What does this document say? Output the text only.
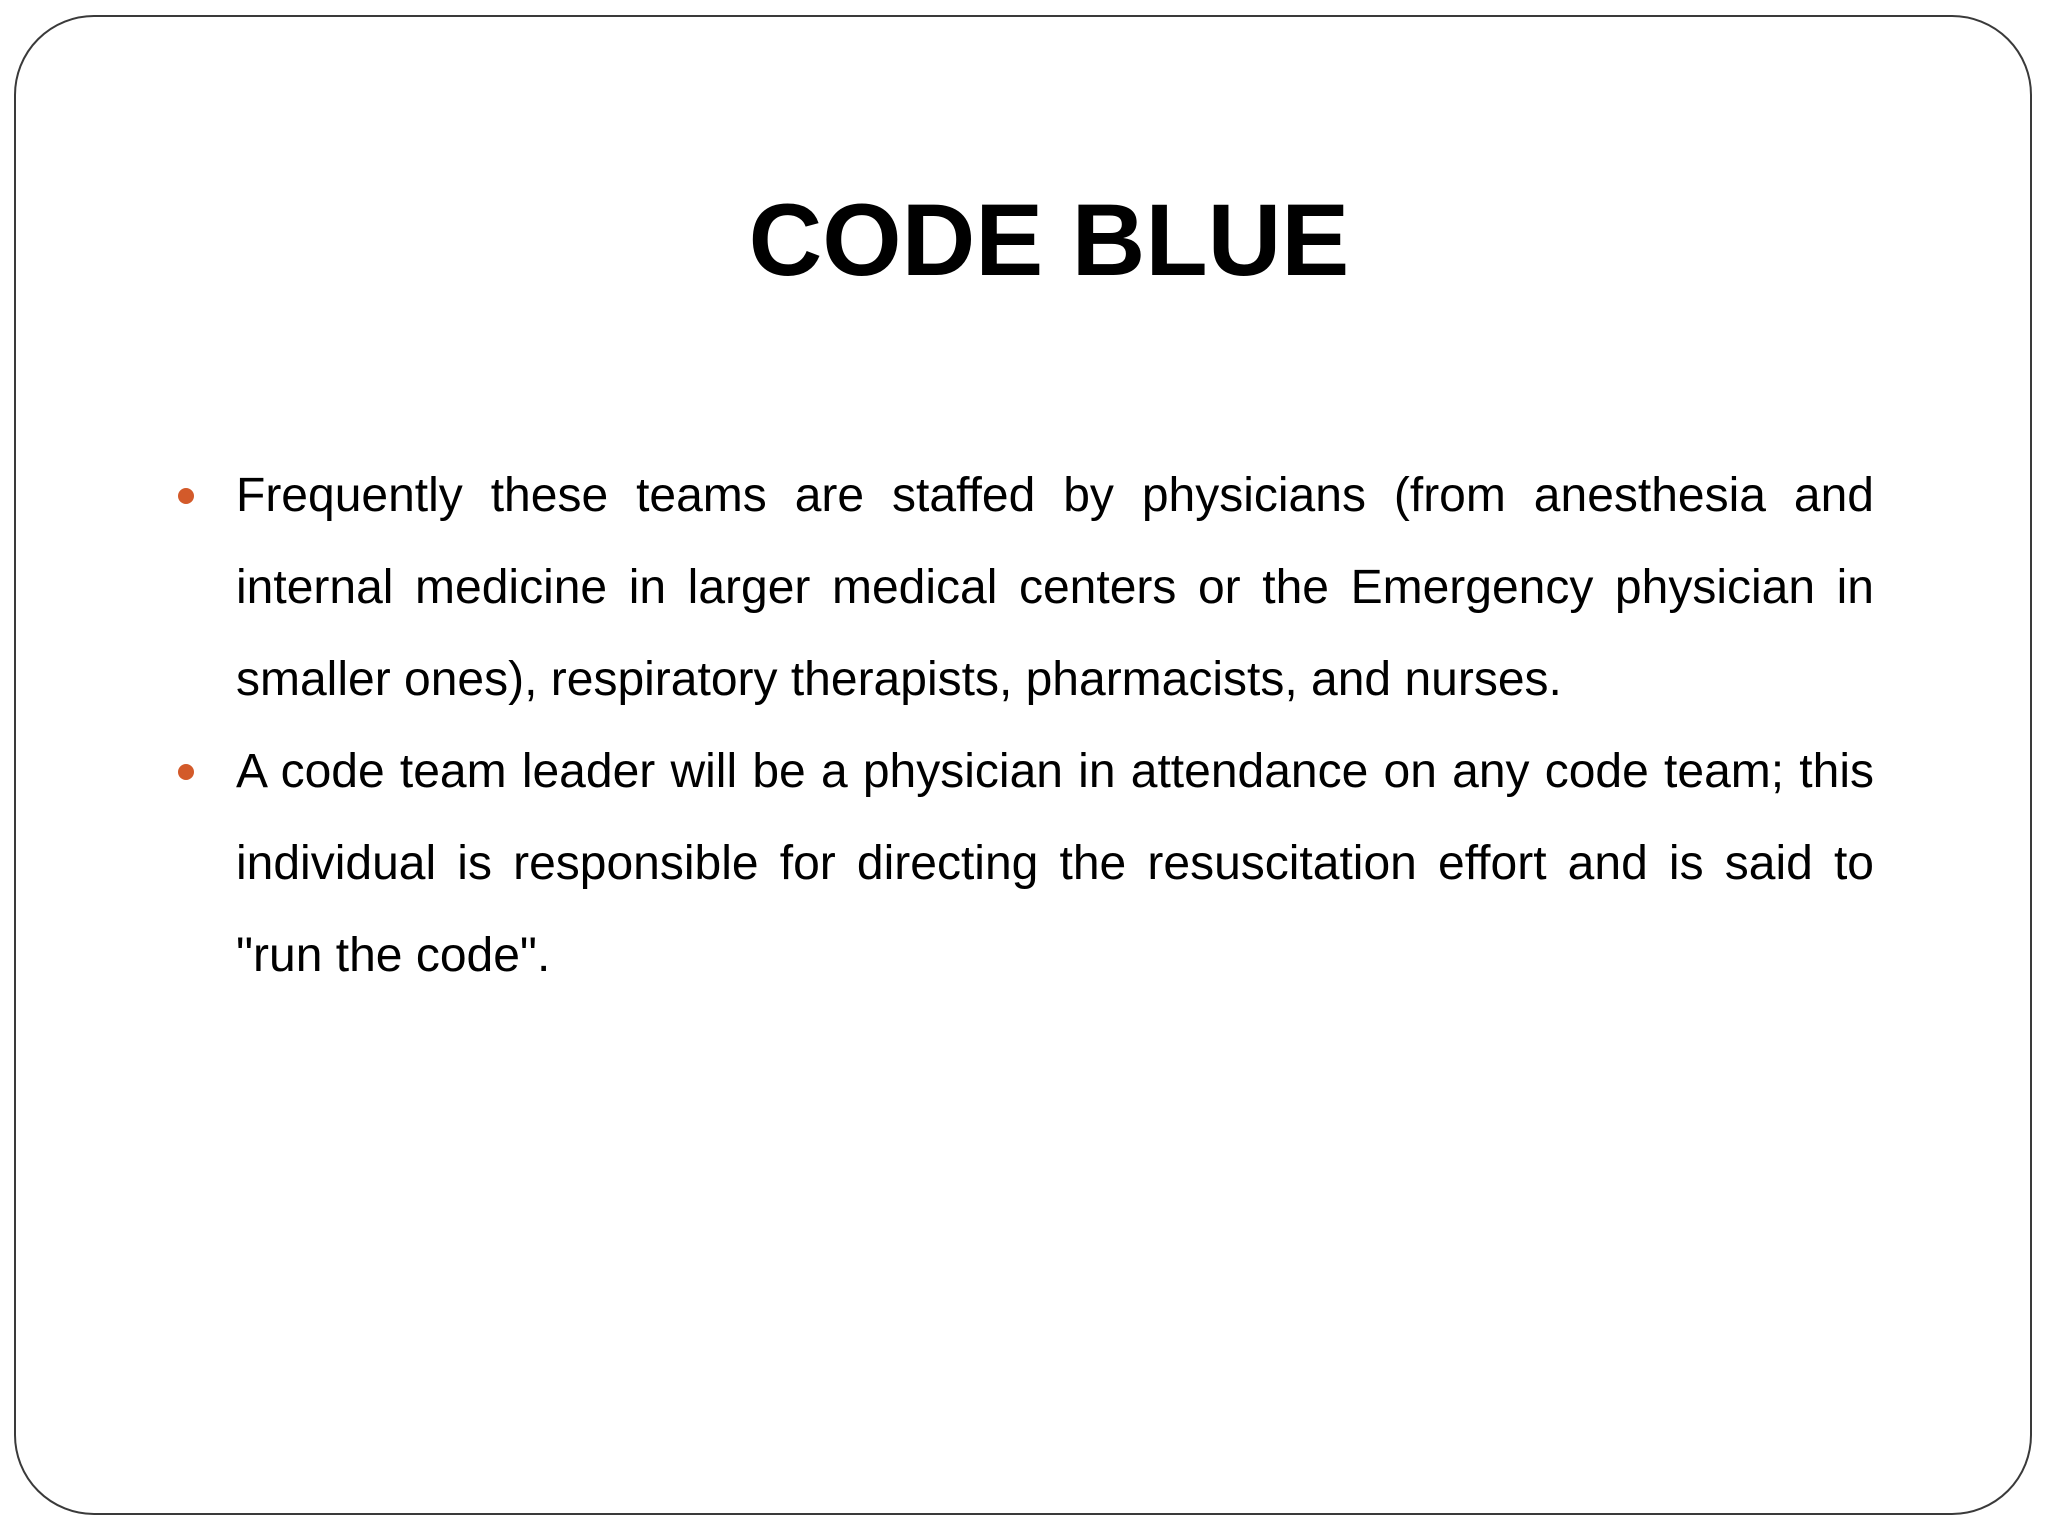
CODE BLUE
Frequently these teams are staffed by physicians (from anesthesia and internal medicine in larger medical centers or the Emergency physician in smaller ones), respiratory therapists, pharmacists, and nurses.
A code team leader will be a physician in attendance on any code team; this individual is responsible for directing the resuscitation effort and is said to "run the code".
